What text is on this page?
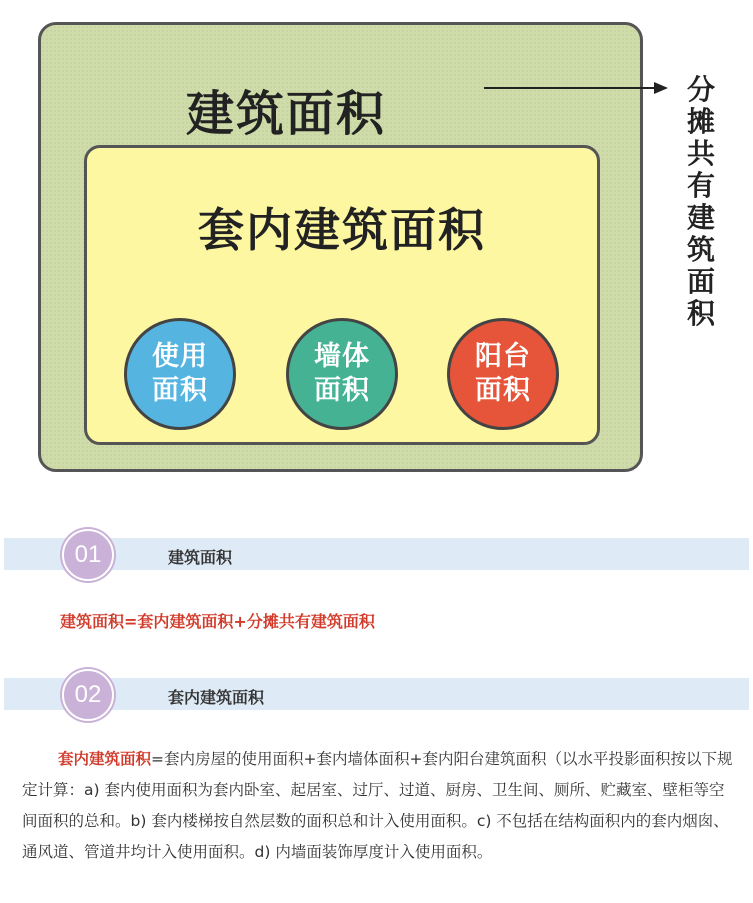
建筑面积
套内建筑面积
使用
面积
墙体
面积
阳台
面积
分摊共有建筑面积
01	建筑面积
建筑面积=套内建筑面积+分摊共有建筑面积
02	套内建筑面积
套内建筑面积=套内房屋的使用面积+套内墙体面积+套内阳台建筑面积（以水平投影面积按以下规定计算：a) 套内使用面积为套内卧室、起居室、过厅、过道、厨房、卫生间、厕所、贮藏室、壁柜等空间面积的总和。b) 套内楼梯按自然层数的面积总和计入使用面积。c) 不包括在结构面积内的套内烟囱、通风道、管道井均计入使用面积。d) 内墙面装饰厚度计入使用面积。
